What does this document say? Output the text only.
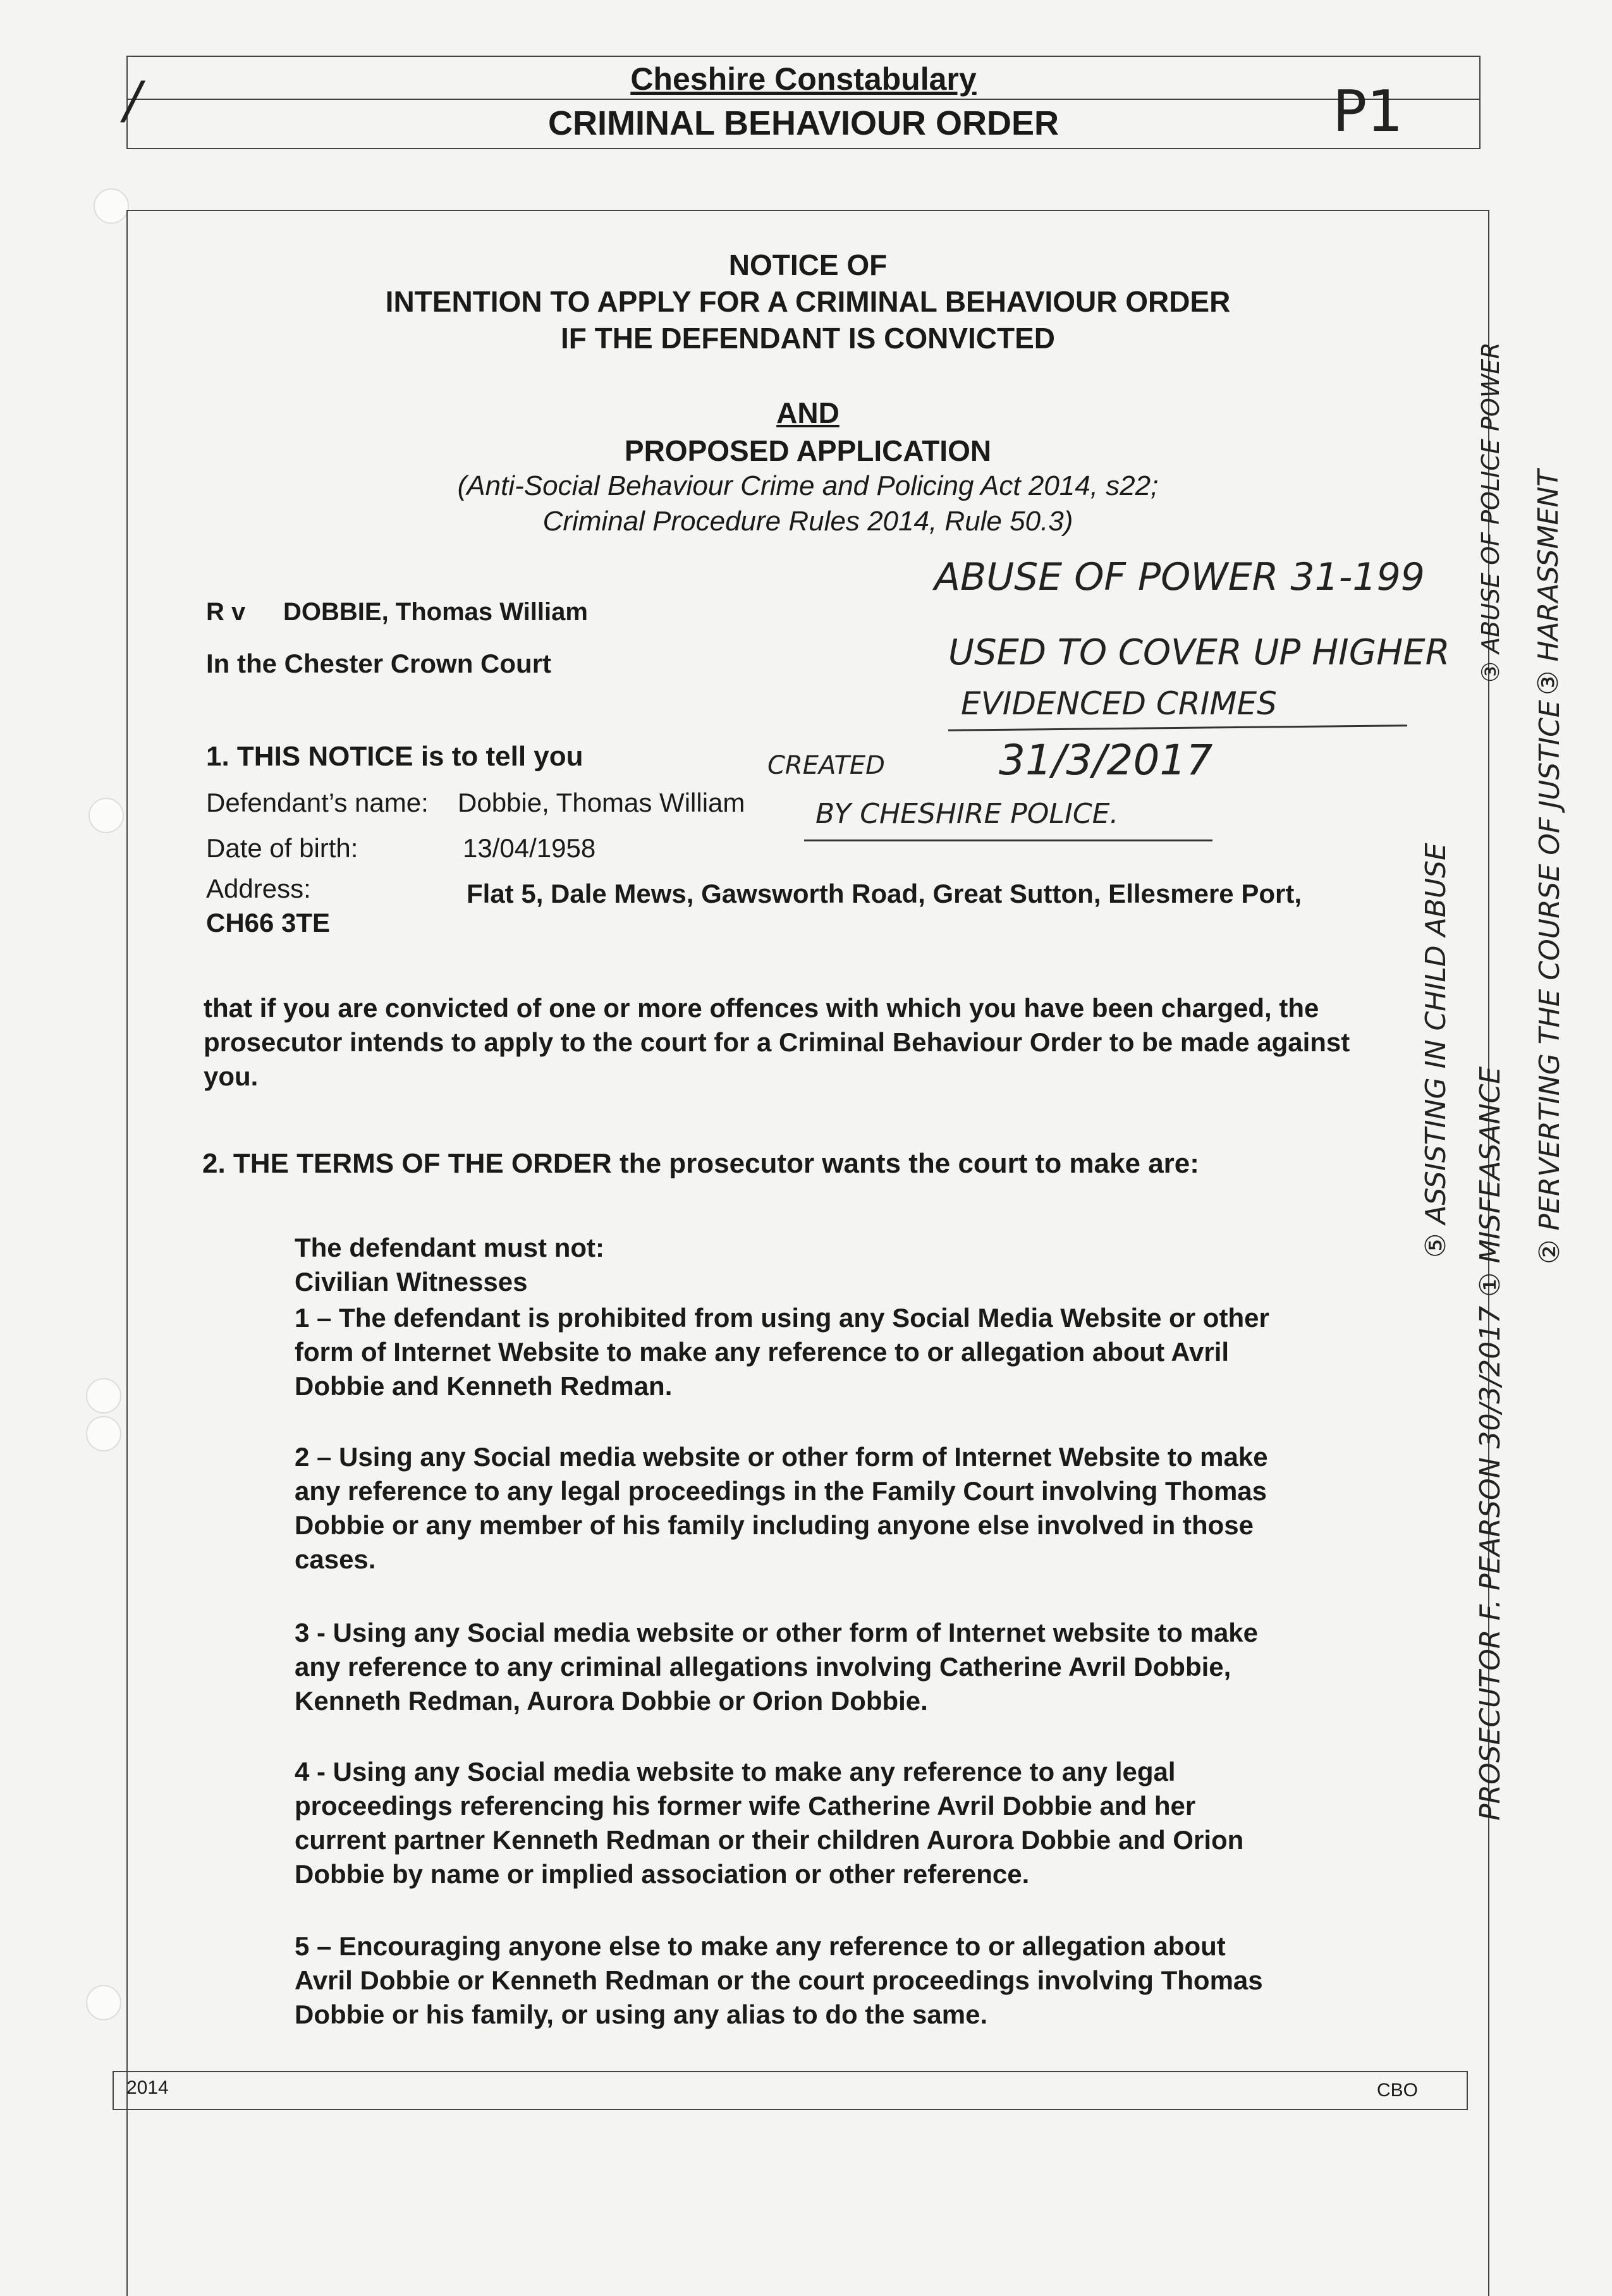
Cheshire Constabulary
CRIMINAL BEHAVIOUR ORDER	P1
/
NOTICE OF
INTENTION TO APPLY FOR A CRIMINAL BEHAVIOUR ORDER
IF THE DEFENDANT IS CONVICTED
AND
PROPOSED APPLICATION
(Anti-Social Behaviour Crime and Policing Act 2014, s22;
Criminal Procedure Rules 2014, Rule 50.3)
R v DOBBIE, Thomas William
In the Chester Crown Court
1. THIS NOTICE is to tell you
Defendant’s name: Dobbie, Thomas William
Date of birth:	13/04/1958
Address:	Flat 5, Dale Mews, Gawsworth Road, Great Sutton, Ellesmere Port,
CH66 3TE
that if you are convicted of one or more offences with which you have been charged, the prosecutor intends to apply to the court for a Criminal Behaviour Order to be made against you.
2. THE TERMS OF THE ORDER the prosecutor wants the court to make are:
The defendant must not:
Civilian Witnesses
1 – The defendant is prohibited from using any Social Media Website or other
form of Internet Website to make any reference to or allegation about Avril
Dobbie and Kenneth Redman.
2 – Using any Social media website or other form of Internet Website to make
any reference to any legal proceedings in the Family Court involving Thomas
Dobbie or any member of his family including anyone else involved in those
cases.
3 - Using any Social media website or other form of Internet website to make
any reference to any criminal allegations involving Catherine Avril Dobbie,
Kenneth Redman, Aurora Dobbie or Orion Dobbie.
4 - Using any Social media website to make any reference to any legal
proceedings referencing his former wife Catherine Avril Dobbie and her
current partner Kenneth Redman or their children Aurora Dobbie and Orion
Dobbie by name or implied association or other reference.
5 – Encouraging anyone else to make any reference to or allegation about
Avril Dobbie or Kenneth Redman or the court proceedings involving Thomas
Dobbie or his family, or using any alias to do the same.
2014	CBO
ABUSE OF POWER 31-199
USED TO COVER UP HIGHER
EVIDENCED CRIMES
CREATED	31/3/2017
BY CHESHIRE POLICE.
③ ABUSE OF POLICE POWER ③ HARASSMENT
⑤ ASSISTING IN CHILD ABUSE
PROSECUTOR F. PEARSON 30/3/2017 ① MISFEASANCE
② PERVERTING THE COURSE OF JUSTICE
